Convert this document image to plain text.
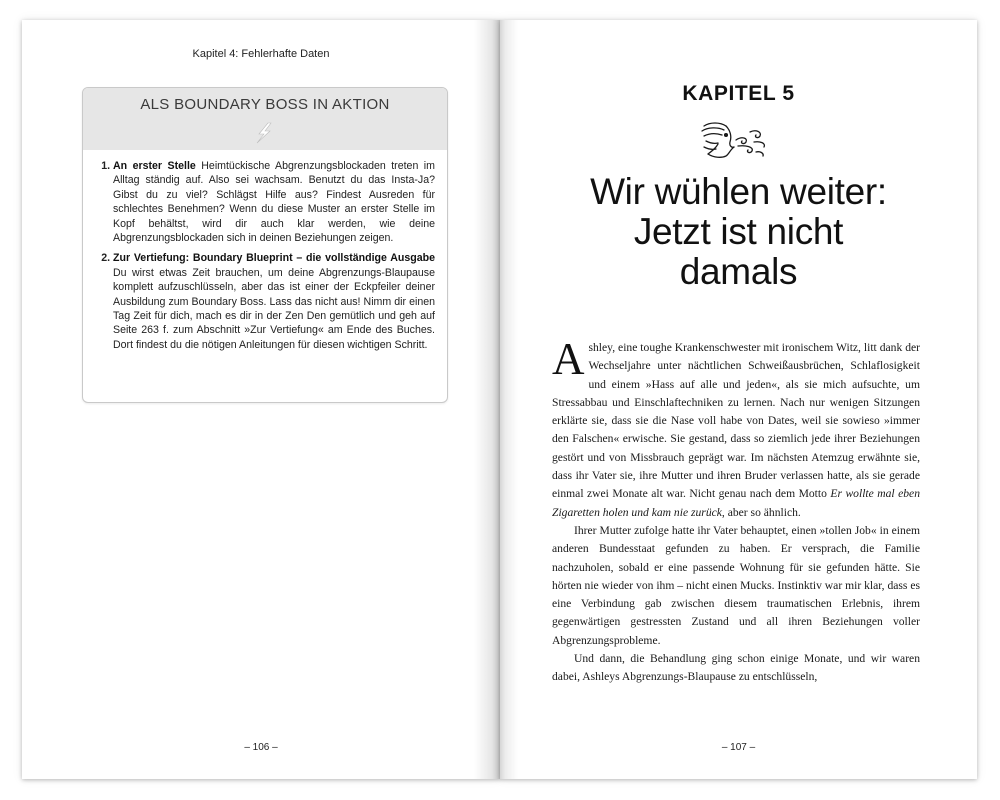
Kapitel 4: Fehlerhafte Daten
ALS BOUNDARY BOSS IN AKTION
1. An erster Stelle Heimtückische Abgrenzungsblockaden treten im Alltag ständig auf. Also sei wachsam. Benutzt du das Insta-Ja? Gibst du zu viel? Schlägst Hilfe aus? Findest Ausreden für schlechtes Benehmen? Wenn du diese Muster an erster Stelle im Kopf behältst, wird dir auch klar werden, wie deine Abgrenzungsblockaden sich in deinen Beziehungen zeigen.
2. Zur Vertiefung: Boundary Blueprint – die vollständige Ausgabe Du wirst etwas Zeit brauchen, um deine Abgrenzungs-Blaupause komplett aufzuschlüsseln, aber das ist einer der Eckpfeiler deiner Ausbildung zum Boundary Boss. Lass das nicht aus! Nimm dir einen Tag Zeit für dich, mach es dir in der Zen Den gemütlich und geh auf Seite 263 f. zum Abschnitt »Zur Vertiefung« am Ende des Buches. Dort findest du die nötigen Anleitungen für diesen wichtigen Schritt.
– 106 –
KAPITEL 5
Wir wühlen weiter:
Jetzt ist nicht
damals

Ashley, eine toughe Krankenschwester mit ironischem Witz, litt dank der Wechseljahre unter nächtlichen Schweißausbrüchen, Schlaflosigkeit und einem »Hass auf alle und jeden«, als sie mich aufsuchte, um Stressabbau und Einschlaftechniken zu lernen. Nach nur wenigen Sitzungen erklärte sie, dass sie die Nase voll habe von Dates, weil sie sowieso »immer den Falschen« erwische. Sie gestand, dass so ziemlich jede ihrer Beziehungen gestört und von Missbrauch geprägt war. Im nächsten Atemzug erwähnte sie, dass ihr Vater sie, ihre Mutter und ihren Bruder verlassen hatte, als sie gerade einmal zwei Monate alt war. Nicht genau nach dem Motto Er wollte mal eben Zigaretten holen und kam nie zurück, aber so ähnlich.

Ihrer Mutter zufolge hatte ihr Vater behauptet, einen »tollen Job« in einem anderen Bundesstaat gefunden zu haben. Er versprach, die Familie nachzuholen, sobald er eine passende Wohnung für sie gefunden hätte. Sie hörten nie wieder von ihm – nicht einen Mucks. Instinktiv war mir klar, dass es eine Verbindung gab zwischen diesem traumatischen Erlebnis, ihrem gegenwärtigen gestressten Zustand und all ihren Beziehungen voller Abgrenzungsprobleme.

Und dann, die Behandlung ging schon einige Monate, und wir waren dabei, Ashleys Abgrenzungs-Blaupause zu entschlüsseln,

– 107 –
